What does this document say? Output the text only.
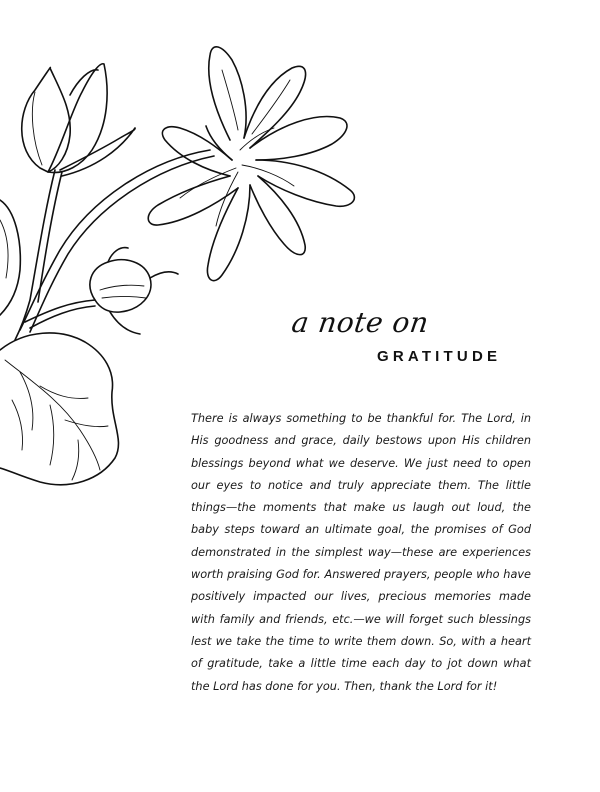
a note on
GRATITUDE

There is always something to be thankful for. The Lord, in His goodness and grace, daily bestows upon His children blessings beyond what we deserve. We just need to open our eyes to notice and truly appreciate them. The little things—the moments that make us laugh out loud, the baby steps toward an ultimate goal, the promises of God demonstrated in the simplest way—these are experiences worth praising God for. Answered prayers, people who have positively impacted our lives, precious memories made with family and friends, etc.—we will forget such blessings lest we take the time to write them down. So, with a heart of gratitude, take a little time each day to jot down what the Lord has done for you. Then, thank the Lord for it!
